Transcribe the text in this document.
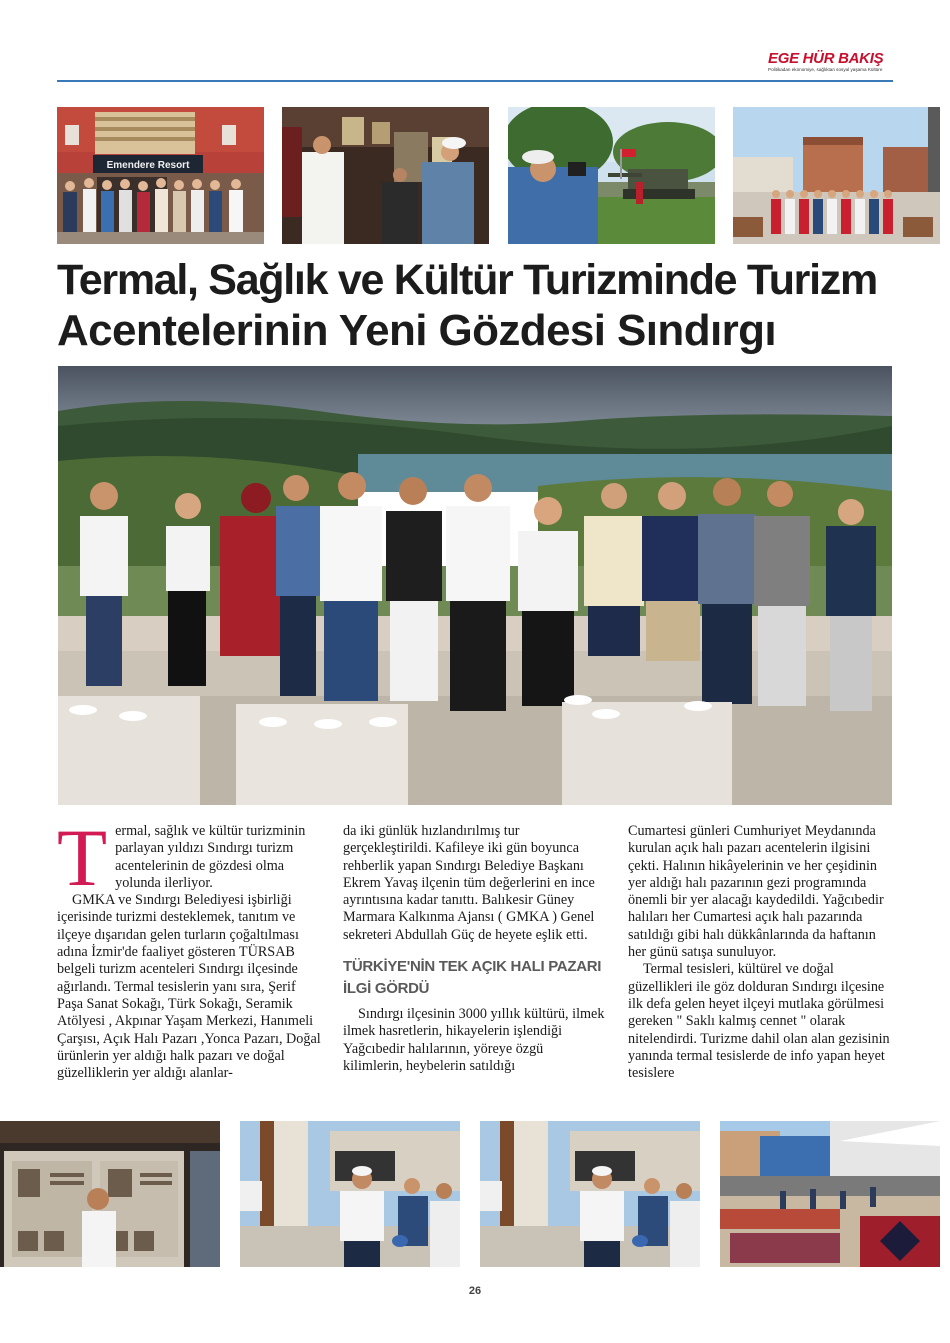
EGE HÜR BAKIŞ
Politikadan ekonomiye, sağlıktan sosyal yaşama Kültüre
Emendere Resort
Termal, Sağlık ve Kültür Turizminde Turizm
Acentelerinin Yeni Gözdesi Sındırgı
T ermal, sağlık ve kültür turizminin parlayan yıldızı Sındırgı turizm acentelerinin de gözdesi olma yolunda ilerliyor.

GMKA ve Sındırgı Belediyesi işbirliği içerisinde turizmi desteklemek, tanıtım ve ilçeye dışarıdan gelen turların çoğaltılması adına İzmir'de faaliyet gösteren TÜRSAB belgeli turizm acenteleri Sındırgı ilçesinde ağırlandı. Termal tesislerin yanı sıra, Şerif Paşa Sanat Sokağı, Türk Sokağı, Seramik Atölyesi , Akpınar Yaşam Merkezi, Hanımeli Çarşısı, Açık Halı Pazarı ,Yonca Pazarı, Doğal ürünlerin yer aldığı halk pazarı ve doğal güzelliklerin yer aldığı alanlar-

da iki günlük hızlandırılmış tur gerçekleştirildi. Kafileye iki gün boyunca rehberlik yapan Sındırgı Belediye Başkanı Ekrem Yavaş ilçenin tüm değerlerini en ince ayrıntısına kadar tanıttı. Balıkesir Güney Marmara Kalkınma Ajansı ( GMKA ) Genel sekreteri Abdullah Güç de heyete eşlik etti.

TÜRKİYE'NİN TEK AÇIK HALI PAZARI İLGİ GÖRDÜ

Sındırgı ilçesinin 3000 yıllık kültürü, ilmek ilmek hasretlerin, hikayelerin işlendiği Yağcıbedir halılarının, yöreye özgü kilimlerin, heybelerin satıldığı

Cumartesi günleri Cumhuriyet Meydanında kurulan açık halı pazarı acentelerin ilgisini çekti. Halının hikâyelerinin ve her çeşidinin yer aldığı halı pazarının gezi programında önemli bir yer alacağı kaydedildi. Yağcıbedir halıları her Cumartesi açık halı pazarında satıldığı gibi halı dükkânlarında da haftanın her günü satışa sunuluyor.

Termal tesisleri, kültürel ve doğal güzellikleri ile göz dolduran Sındırgı ilçesine ilk defa gelen heyet ilçeyi mutlaka görülmesi gereken " Saklı kalmış cennet " olarak nitelendirdi. Turizme dahil olan alan gezisinin yanında termal tesislerde de info yapan heyet tesislere

26
